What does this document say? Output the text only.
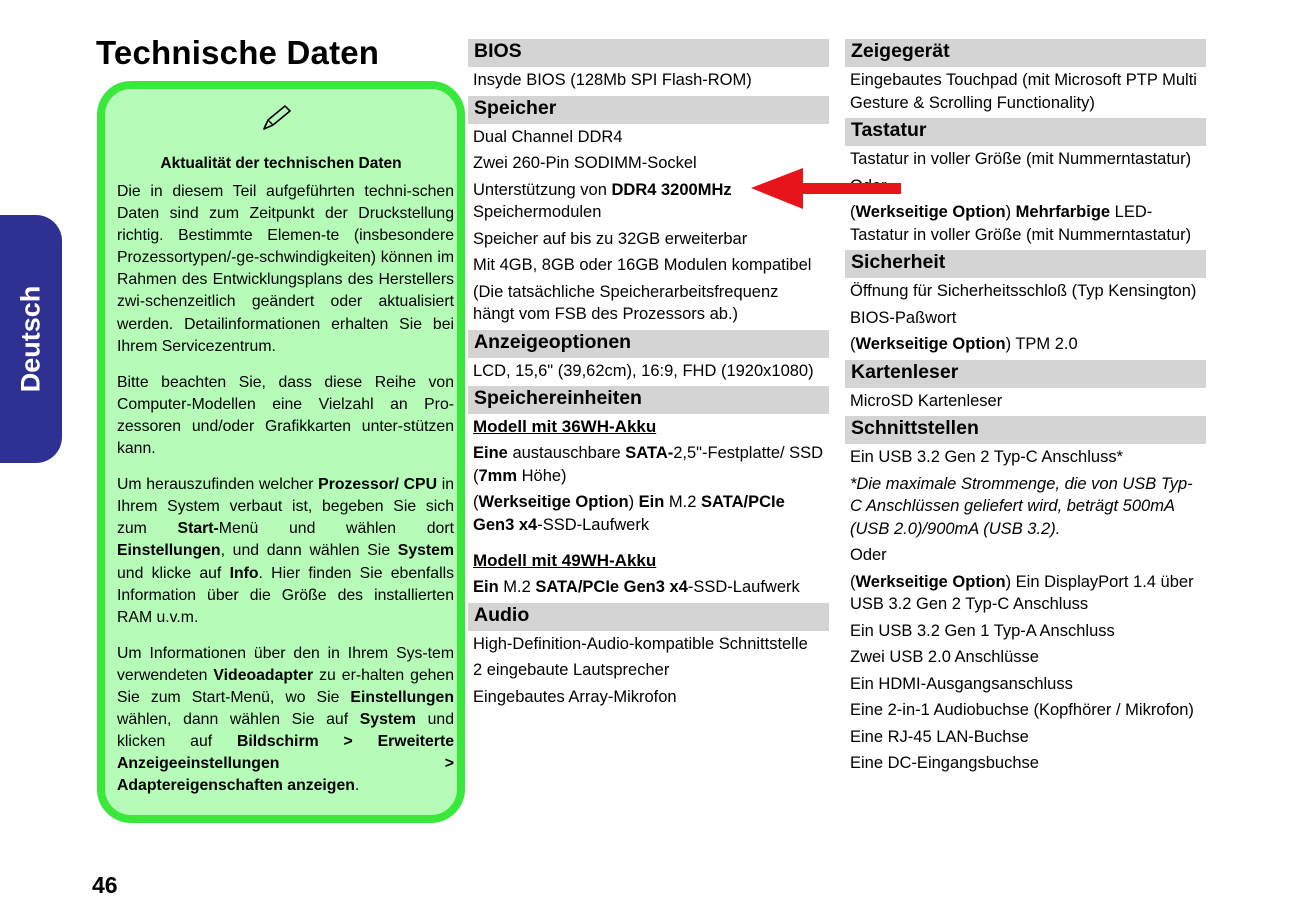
Technische Daten
Deutsch
Aktualität der technischen Daten

Die in diesem Teil aufgeführten techni-schen Daten sind zum Zeitpunkt der Druckstellung richtig. Bestimmte Elemen-te (insbesondere Prozessortypen/-ge-schwindigkeiten) können im Rahmen des Entwicklungsplans des Herstellers zwi-schenzeitlich geändert oder aktualisiert werden. Detailinformationen erhalten Sie bei Ihrem Servicezentrum.

Bitte beachten Sie, dass diese Reihe von Computer-Modellen eine Vielzahl an Pro-zessoren und/oder Grafikkarten unter-stützen kann.

Um herauszufinden welcher Prozessor/ CPU in Ihrem System verbaut ist, begeben Sie sich zum Start-Menü und wählen dort Einstellungen, und dann wählen Sie System und klicke auf Info. Hier finden Sie ebenfalls Information über die Größe des installierten RAM u.v.m.

Um Informationen über den in Ihrem Sys-tem verwendeten Videoadapter zu er-halten gehen Sie zum Start-Menü, wo Sie Einstellungen wählen, dann wählen Sie auf System und klicken auf Bildschirm > Erweiterte Anzeigeeinstellungen > Adaptereigenschaften anzeigen.

BIOS
Insyde BIOS (128Mb SPI Flash-ROM)
Speicher
Dual Channel DDR4
Zwei 260-Pin SODIMM-Sockel
Unterstützung von DDR4 3200MHz Speichermodulen
Speicher auf bis zu 32GB erweiterbar
Mit 4GB, 8GB oder 16GB Modulen kompatibel
(Die tatsächliche Speicherarbeitsfrequenz hängt vom FSB des Prozessors ab.)
Anzeigeoptionen
LCD, 15,6" (39,62cm), 16:9, FHD (1920x1080)
Speichereinheiten
Modell mit 36WH-Akku
Eine austauschbare SATA-2,5"-Festplatte/ SSD (7mm Höhe)
(Werkseitige Option) Ein M.2 SATA/PCIe Gen3 x4-SSD-Laufwerk
Modell mit 49WH-Akku
Ein M.2 SATA/PCIe Gen3 x4-SSD-Laufwerk
Audio
High-Definition-Audio-kompatible Schnittstelle
2 eingebaute Lautsprecher
Eingebautes Array-Mikrofon
Zeigegerät
Eingebautes Touchpad (mit Microsoft PTP Multi Gesture & Scrolling Functionality)
Tastatur
Tastatur in voller Größe (mit Nummerntastatur)
(Werkseitige Option) Mehrfarbige LED-Tastatur in voller Größe (mit Nummerntastatur)
Sicherheit
Öffnung für Sicherheitsschloß (Typ Kensington)
BIOS-Paßwort
(Werkseitige Option) TPM 2.0
Kartenleser
MicroSD Kartenleser
Schnittstellen
Ein USB 3.2 Gen 2 Typ-C Anschluss*
*Die maximale Strommenge, die von USB Typ-C Anschlüssen geliefert wird, beträgt 500mA (USB 2.0)/900mA (USB 3.2).
Oder
(Werkseitige Option) Ein DisplayPort 1.4 über USB 3.2 Gen 2 Typ-C Anschluss
Ein USB 3.2 Gen 1 Typ-A Anschluss
Zwei USB 2.0 Anschlüsse
Ein HDMI-Ausgangsanschluss
Eine 2-in-1 Audiobuchse (Kopfhörer / Mikrofon)
Eine RJ-45 LAN-Buchse
Eine DC-Eingangsbuchse
46
